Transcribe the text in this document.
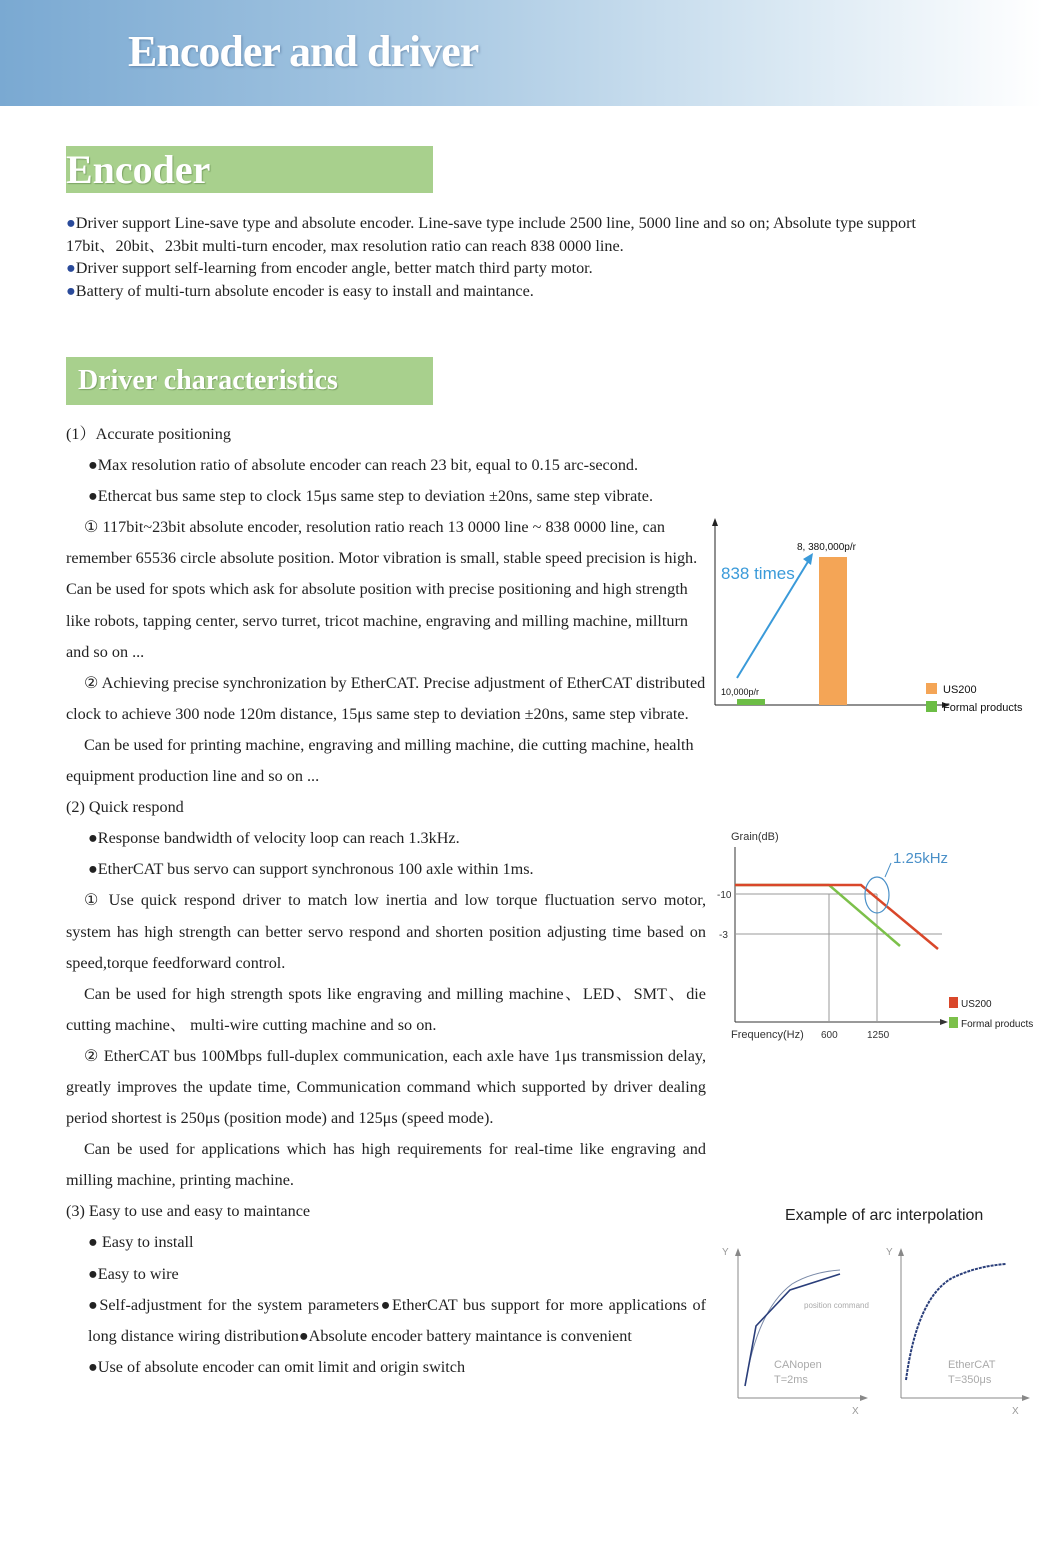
Encoder and driver
Encoder

●Driver support Line-save type and absolute encoder. Line-save type include 2500 line, 5000 line and so on; Absolute type support 17bit、20bit、23bit multi-turn encoder, max resolution ratio can reach 838 0000 line.

●Driver support self-learning from encoder angle, better match third party motor.

●Battery of multi-turn absolute encoder is easy to install and maintance.

Driver characteristics

(1）Accurate positioning

●Max resolution ratio of absolute encoder can reach 23 bit, equal to 0.15 arc-second.

●Ethercat bus same step to clock 15μs same step to deviation ±20ns, same step vibrate.

① 117bit~23bit absolute encoder, resolution ratio reach 13 0000 line ~ 838 0000 line, can remember 65536 circle absolute position. Motor vibration is small, stable speed precision is high. Can be used for spots which ask for absolute position with precise positioning and high strength like robots, tapping center, servo turret, tricot machine, engraving and milling machine, millturn and so on ...

② Achieving precise synchronization by EtherCAT. Precise adjustment of EtherCAT distributed clock to achieve 300 node 120m distance, 15μs same step to deviation ±20ns, same step vibrate.

Can be used for printing machine, engraving and milling machine, die cutting machine, health equipment production line and so on ...

(2) Quick respond

●Response bandwidth of velocity loop can reach 1.3kHz.

●EtherCAT bus servo can support synchronous 100 axle within 1ms.

① Use quick respond driver to match low inertia and low torque fluctuation servo motor, system has high strength can better servo respond and shorten position adjusting time based on speed,torque feedforward control.

Can be used for high strength spots like engraving and milling machine、LED、SMT、die cutting machine、 multi-wire cutting machine and so on.

② EtherCAT bus 100Mbps full-duplex communication, each axle have 1μs transmission delay, greatly improves the update time, Communication command which supported by driver dealing period shortest is 250μs (position mode) and 125μs (speed mode).

Can be used for applications which has high requirements for real-time like engraving and milling machine, printing machine.

(3) Easy to use and easy to maintance

● Easy to install

●Easy to wire

●Self-adjustment for the system parameters●EtherCAT bus support for more applications of long distance wiring distribution●Absolute encoder battery maintance is convenient

●Use of absolute encoder can omit limit and origin switch

838 times
8, 380,000p/r
10,000p/r	US200
Formal products
Grain(dB)
-10
-3
1.25kHz
Frequency(Hz) 600	1250
US200
Formal products
Example of arc interpolation
Y
X
position command
CANopen
T=2ms
Y
X
EtherCAT
T=350μs
